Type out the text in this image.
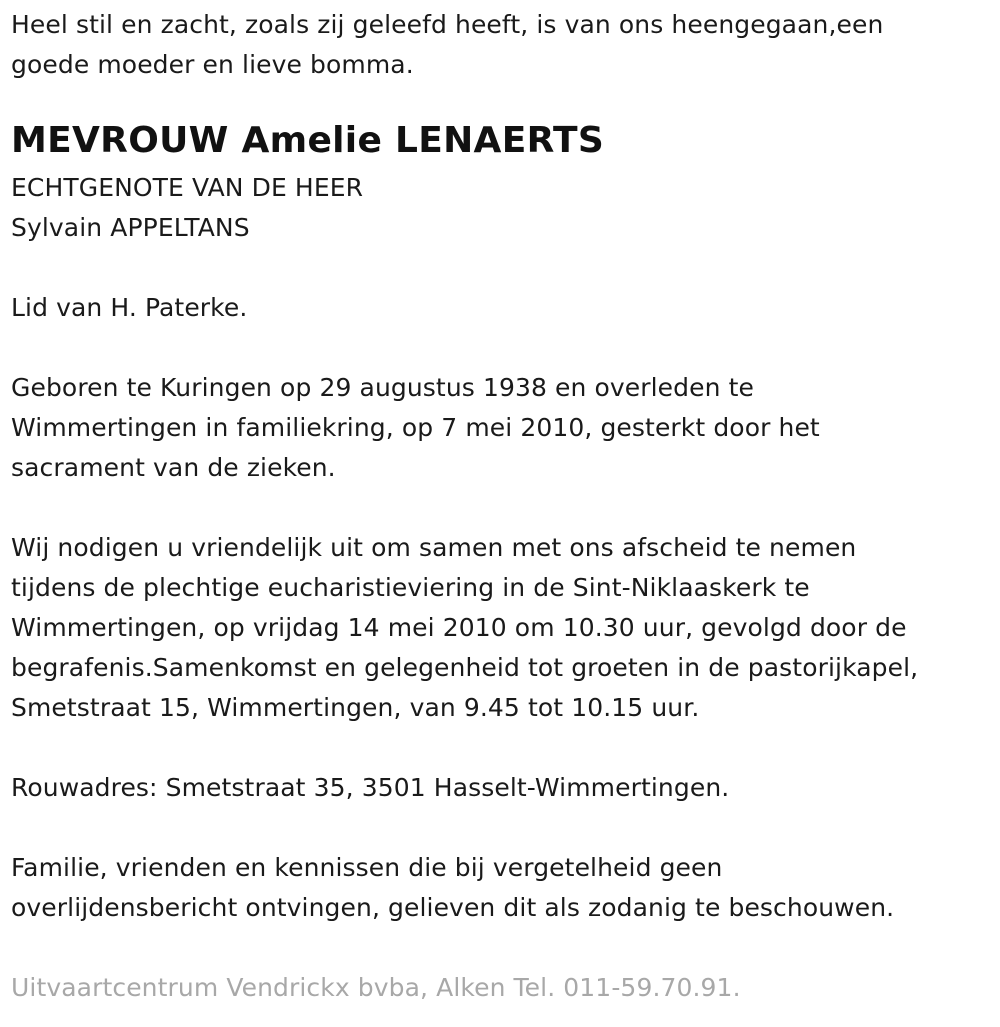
Heel stil en zacht, zoals zij geleefd heeft, is van ons heengegaan,een
goede moeder en lieve bomma.
MEVROUW Amelie LENAERTS
ECHTGENOTE VAN DE HEER
Sylvain APPELTANS
Lid van H. Paterke.
Geboren te Kuringen op 29 augustus 1938 en overleden te
Wimmertingen in familiekring, op 7 mei 2010, gesterkt door het
sacrament van de zieken.
Wij nodigen u vriendelijk uit om samen met ons afscheid te nemen
tijdens de plechtige eucharistieviering in de Sint-Niklaaskerk te
Wimmertingen, op vrijdag 14 mei 2010 om 10.30 uur, gevolgd door de
begrafenis.Samenkomst en gelegenheid tot groeten in de pastorijkapel,
Smetstraat 15, Wimmertingen, van 9.45 tot 10.15 uur.
Rouwadres: Smetstraat 35, 3501 Hasselt-Wimmertingen.
Familie, vrienden en kennissen die bij vergetelheid geen
overlijdensbericht ontvingen, gelieven dit als zodanig te beschouwen.
Uitvaartcentrum Vendrickx bvba, Alken Tel. 011-59.70.91.
